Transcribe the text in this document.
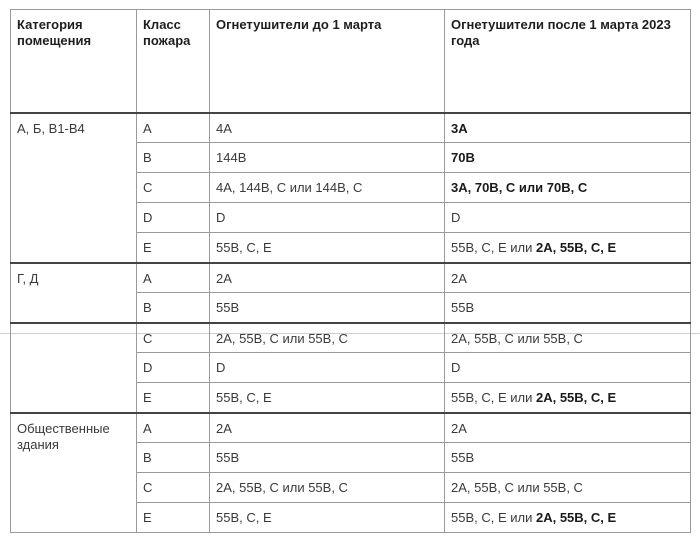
Категория помещения	Класс пожара	Огнетушители до 1 марта	Огнетушители после 1 марта 2023 года
А, Б, В1-В4	A	4A	3A
	B	144B	70B
	C	4A, 144B, C или 144B, C	3A, 70B, C или 70B, C
	D	D	D
	E	55B, C, E	55B, C, E или 2A, 55B, C, E
Г, Д	A	2A	2A
	B	55B	55B
	C	2A, 55B, C или 55B, C	2A, 55B, C или 55B, C
	D	D	D
	E	55B, C, E	55B, C, E или 2A, 55B, C, E
Общественные здания	A	2A	2A
	B	55B	55B
	C	2A, 55B, C или 55B, C	2A, 55B, C или 55B, C
	E	55B, C, E	55B, C, E или 2A, 55B, C, E
